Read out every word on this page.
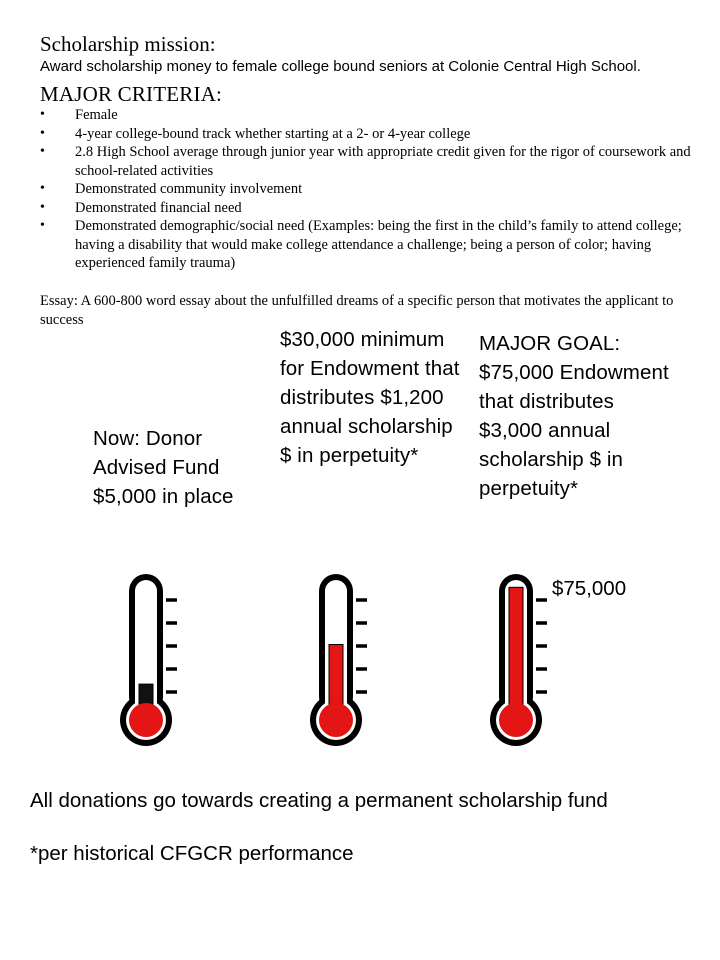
Scholarship mission:
Award scholarship money to female college bound seniors at Colonie Central High School.
MAJOR CRITERIA:
• Female
• 4-year college-bound track whether starting at a 2- or 4-year college
• 2.8 High School average through junior year with appropriate credit given for the rigor of coursework and school-related activities
• Demonstrated community involvement
• Demonstrated financial need
• Demonstrated demographic/social need (Examples: being the first in the child’s family to attend college; having a disability that would make college attendance a challenge; being a person of color; having experienced family trauma)
Essay: A 600-800 word essay about the unfulfilled dreams of a specific person that motivates the applicant to success
Now: Donor Advised Fund $5,000 in place
$30,000 minimum for Endowment that distributes $1,200 annual scholarship $ in perpetuity*
MAJOR GOAL: $75,000 Endowment that distributes $3,000 annual scholarship $ in perpetuity*
$75,000
All donations go towards creating a permanent scholarship fund
*per historical CFGCR performance
